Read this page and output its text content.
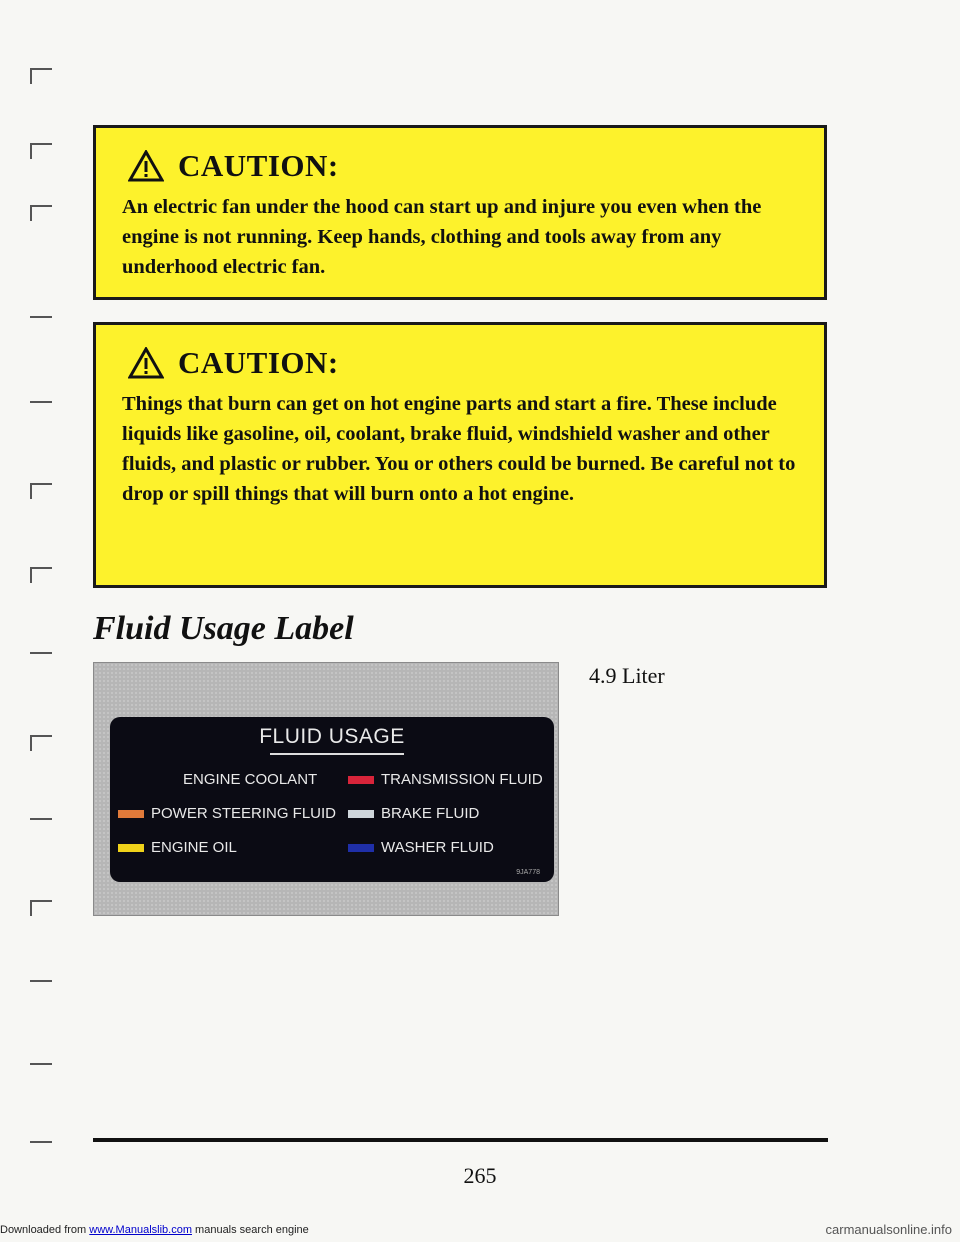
CAUTION:

An electric fan under the hood can start up and injure you even when the engine is not running. Keep hands, clothing and tools away from any underhood electric fan.

CAUTION:

Things that burn can get on hot engine parts and start a fire. These include liquids like gasoline, oil, coolant, brake fluid, windshield washer and other fluids, and plastic or rubber. You or others could be burned. Be careful not to drop or spill things that will burn onto a hot engine.

Fluid Usage Label
FLUID USAGE
ENGINE COOLANT	TRANSMISSION FLUID
POWER STEERING FLUID	BRAKE FLUID
ENGINE OIL	WASHER FLUID
9JA778

4.9 Liter

265
Downloaded from www.Manualslib.com manuals search engine	carmanualsonline.info
